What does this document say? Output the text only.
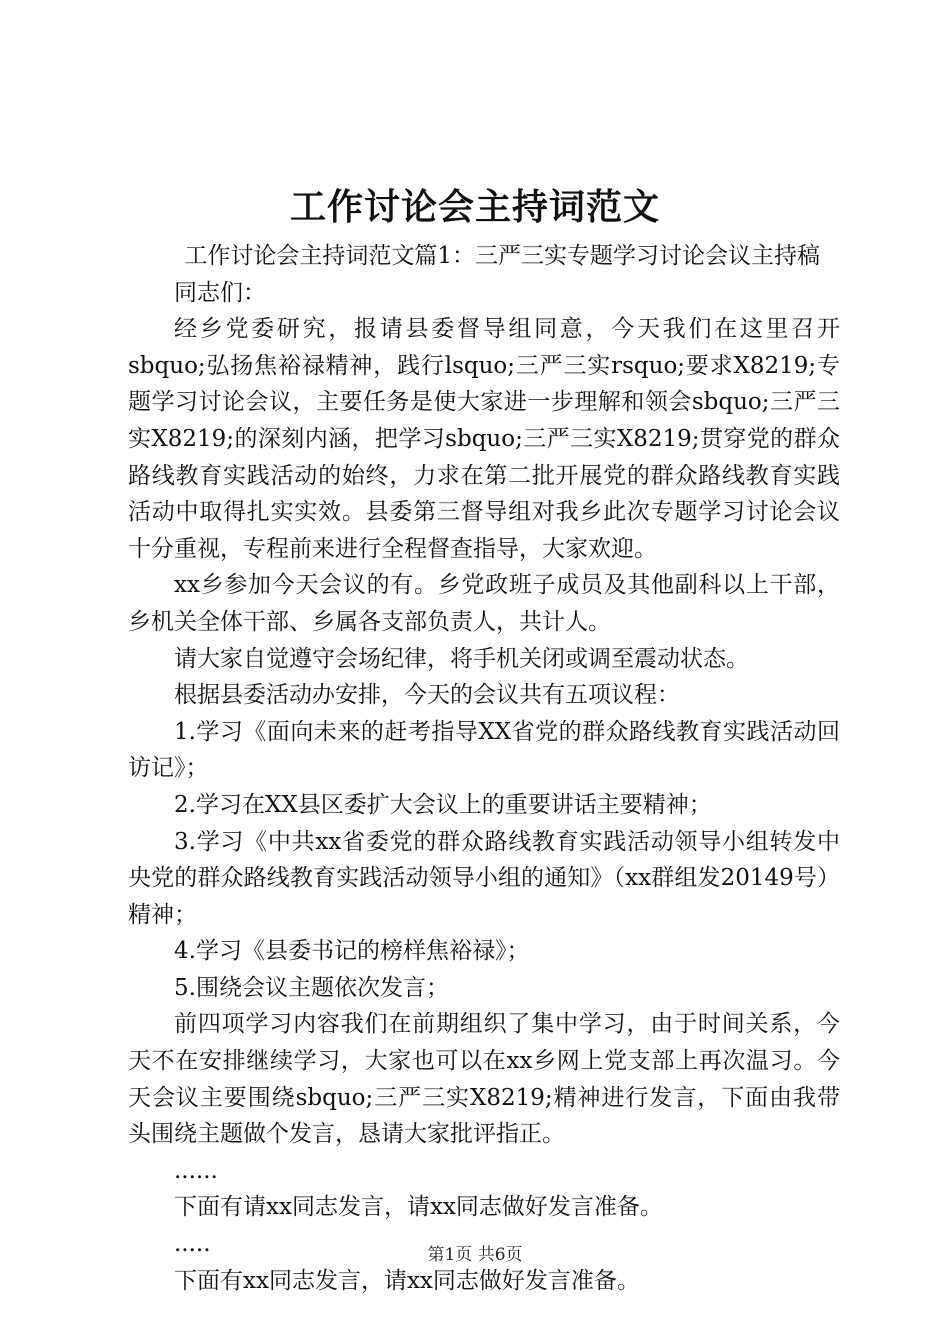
工作讨论会主持词范文

工作讨论会主持词范文篇1：三严三实专题学习讨论会议主持稿

同志们：

经乡党委研究，报请县委督导组同意，今天我们在这里召开sbquo;弘扬焦裕禄精神，践行lsquo;三严三实rsquo;要求X8219;专题学习讨论会议，主要任务是使大家进一步理解和领会sbquo;三严三实X8219;的深刻内涵，把学习sbquo;三严三实X8219;贯穿党的群众路线教育实践活动的始终，力求在第二批开展党的群众路线教育实践活动中取得扎实实效。县委第三督导组对我乡此次专题学习讨论会议十分重视，专程前来进行全程督查指导，大家欢迎。

xx乡参加今天会议的有。乡党政班子成员及其他副科以上干部，乡机关全体干部、乡属各支部负责人，共计人。

请大家自觉遵守会场纪律，将手机关闭或调至震动状态。

根据县委活动办安排，今天的会议共有五项议程：

1.学习《面向未来的赶考指导XX省党的群众路线教育实践活动回访记》；

2.学习在XX县区委扩大会议上的重要讲话主要精神；

3.学习《中共xx省委党的群众路线教育实践活动领导小组转发中央党的群众路线教育实践活动领导小组的通知》（xx群组发20149号）精神；

4.学习《县委书记的榜样焦裕禄》；

5.围绕会议主题依次发言；

前四项学习内容我们在前期组织了集中学习，由于时间关系，今天不在安排继续学习，大家也可以在xx乡网上党支部上再次温习。今天会议主要围绕sbquo;三严三实X8219;精神进行发言，下面由我带头围绕主题做个发言，恳请大家批评指正。

......

下面有请xx同志发言，请xx同志做好发言准备。

.....

下面有xx同志发言，请xx同志做好发言准备。

第1页 共6页
